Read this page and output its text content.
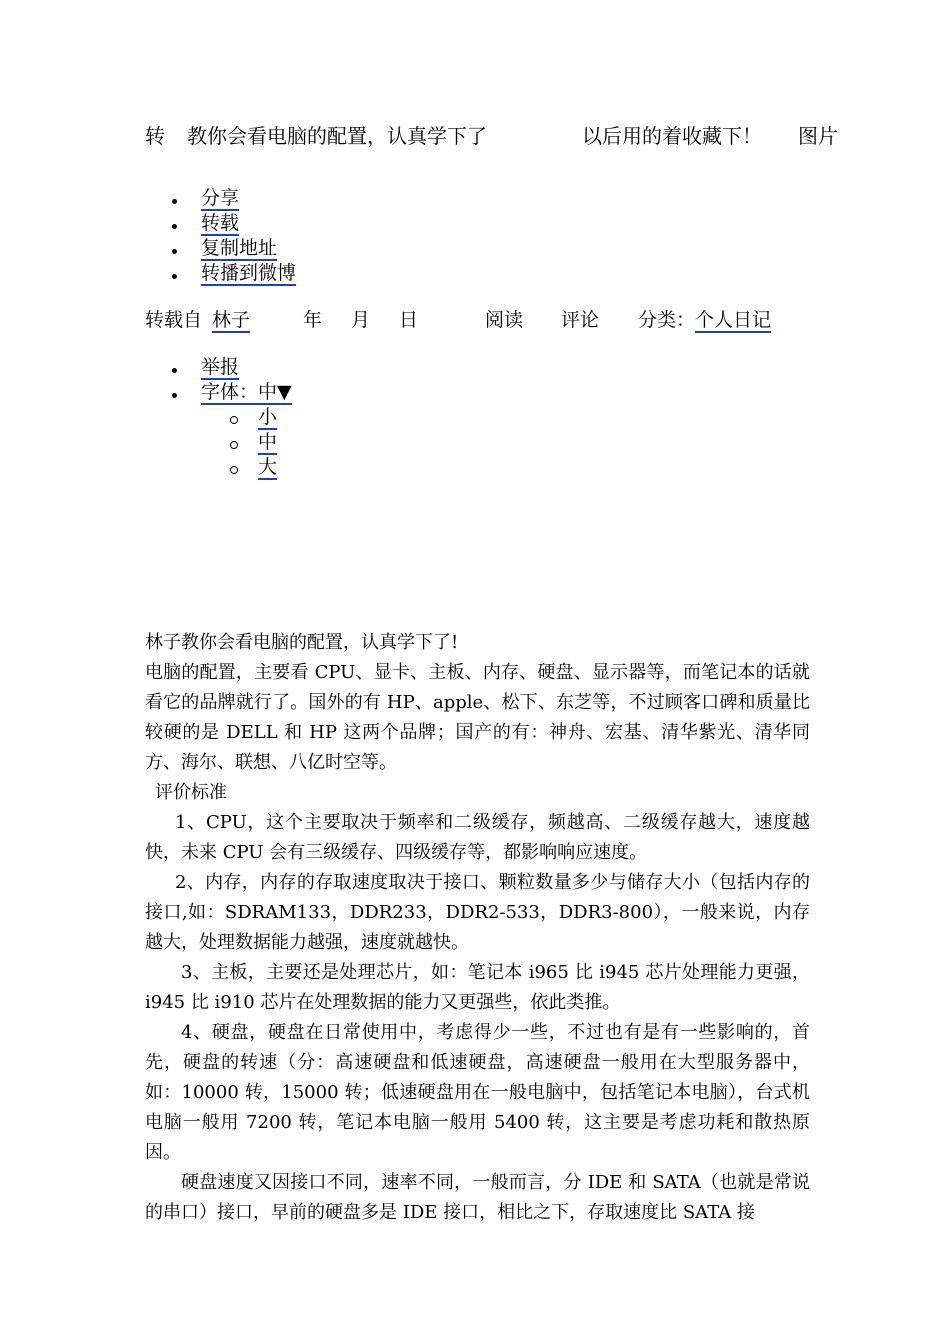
转 教你会看电脑的配置，认真学下了	以后用的着收藏下！ 图片
分享
转载
复制地址
转播到微博
转载自 林子	年 月 日	阅读 评论 分类： 个人日记
举报
字体：中▼
小
中
大

林子教你会看电脑的配置，认真学下了!

电脑的配置，主要看 CPU、显卡、主板、内存、硬盘、显示器等，而笔记本的话就看它的品牌就行了。国外的有 HP、apple、松下、东芝等，不过顾客口碑和质量比较硬的是 DELL 和 HP 这两个品牌；国产的有：神舟、宏基、清华紫光、清华同方、海尔、联想、八亿时空等。

评价标准

1、CPU，这个主要取决于频率和二级缓存，频越高、二级缓存越大，速度越快，未来 CPU 会有三级缓存、四级缓存等，都影响响应速度。

2、内存，内存的存取速度取决于接口、颗粒数量多少与储存大小（包括内存的接口,如：SDRAM133，DDR233，DDR2-533，DDR3-800），一般来说，内存越大，处理数据能力越强，速度就越快。

3、主板，主要还是处理芯片，如：笔记本 i965 比 i945 芯片处理能力更强，i945 比 i910 芯片在处理数据的能力又更强些，依此类推。

4、硬盘，硬盘在日常使用中，考虑得少一些，不过也有是有一些影响的，首先，硬盘的转速（分：高速硬盘和低速硬盘，高速硬盘一般用在大型服务器中，如：10000 转，15000 转；低速硬盘用在一般电脑中，包括笔记本电脑），台式机电脑一般用 7200 转，笔记本电脑一般用 5400 转，这主要是考虑功耗和散热原因。

硬盘速度又因接口不同，速率不同，一般而言，分 IDE 和 SATA（也就是常说的串口）接口，早前的硬盘多是 IDE 接口，相比之下，存取速度比 SATA 接
